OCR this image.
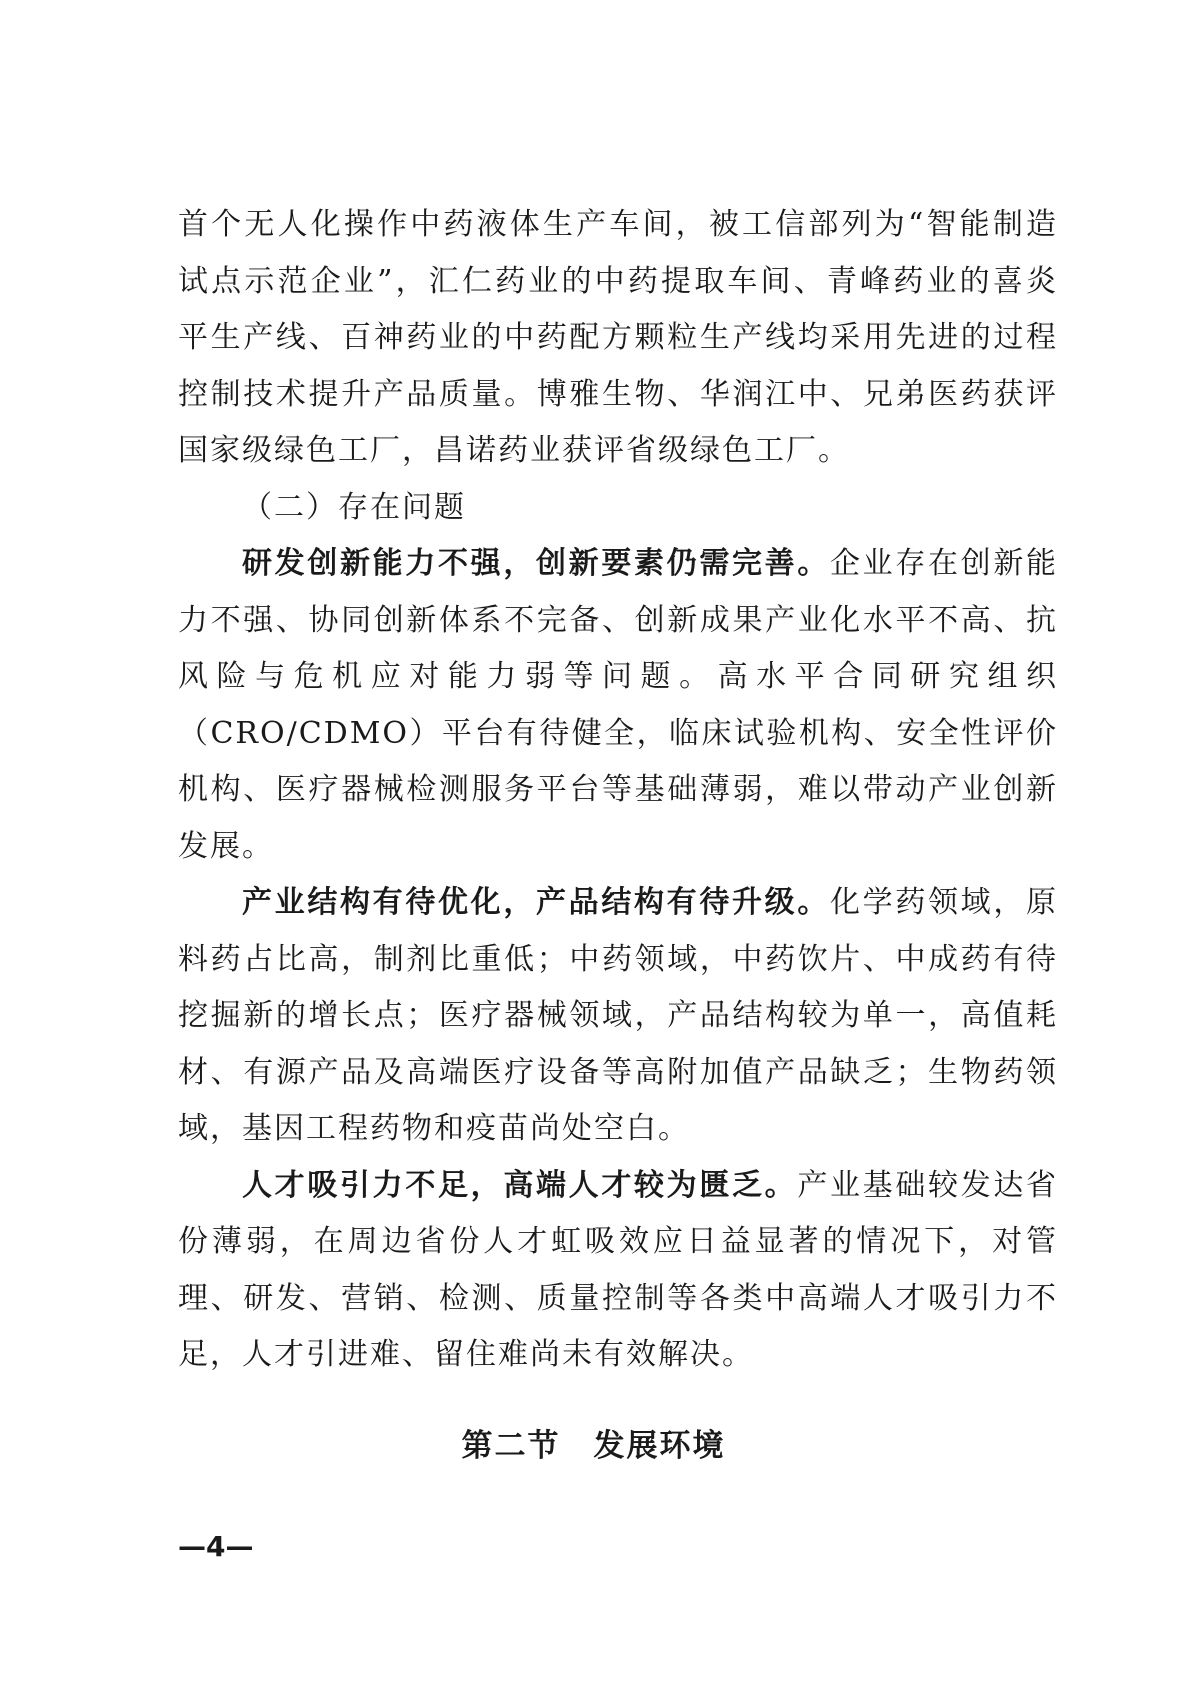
首个无人化操作中药液体生产车间，被工信部列为“智能制造试点示范企业”，汇仁药业的中药提取车间、青峰药业的喜炎平生产线、百神药业的中药配方颗粒生产线均采用先进的过程控制技术提升产品质量。博雅生物、华润江中、兄弟医药获评国家级绿色工厂，昌诺药业获评省级绿色工厂。

（二）存在问题

研发创新能力不强，创新要素仍需完善。企业存在创新能力不强、协同创新体系不完备、创新成果产业化水平不高、抗风险与危机应对能力弱等问题。高水平合同研究组织（CRO/CDMO）平台有待健全，临床试验机构、安全性评价机构、医疗器械检测服务平台等基础薄弱，难以带动产业创新发展。

产业结构有待优化，产品结构有待升级。化学药领域，原料药占比高，制剂比重低；中药领域，中药饮片、中成药有待挖掘新的增长点；医疗器械领域，产品结构较为单一，高值耗材、有源产品及高端医疗设备等高附加值产品缺乏；生物药领域，基因工程药物和疫苗尚处空白。

人才吸引力不足，高端人才较为匮乏。产业基础较发达省份薄弱，在周边省份人才虹吸效应日益显著的情况下，对管理、研发、营销、检测、质量控制等各类中高端人才吸引力不足，人才引进难、留住难尚未有效解决。

第二节　发展环境
—4—
